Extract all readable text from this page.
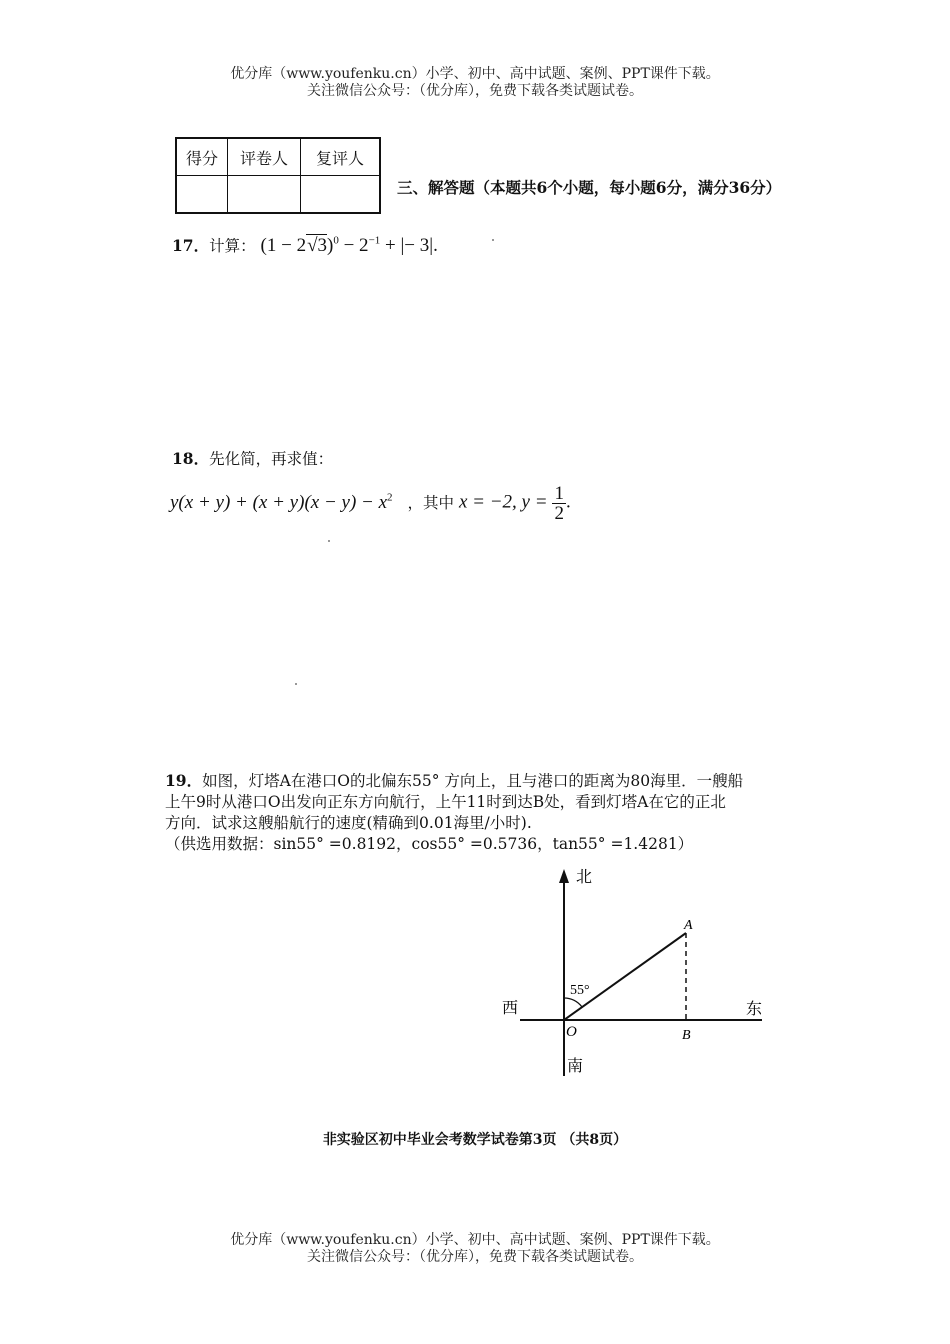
优分库（www.youfenku.cn）小学、初中、高中试题、案例、PPT课件下载。
关注微信公众号：（优分库），免费下载各类试题试卷。
得分	评卷人	复评人

三、解答题（本题共6个小题，每小题6分，满分36分）
17．计算： $(1 - 2√3)^0 - 2^{-1}$ + |− 3|.
18．先化简，再求值：
$y(x + y) + (x + y)(x - y) - x^2$ ，其中 x = −2, $y = \frac{1}{2}$ .
19．如图，灯塔A在港口O的北偏东55° 方向上，且与港口的距离为80海里．一艘船
上午9时从港口O出发向正东方向航行，上午11时到达B处，看到灯塔A在它的正北
方向．试求这艘船航行的速度(精确到0.01海里/小时).
（供选用数据：sin55° =0.8192，cos55° =0.5736，tan55° =1.4281）
北
南
西	东
O
A
B
55°
非实验区初中毕业会考数学试卷第3页 （共8页）
优分库（www.youfenku.cn）小学、初中、高中试题、案例、PPT课件下载。
关注微信公众号：（优分库），免费下载各类试题试卷。
